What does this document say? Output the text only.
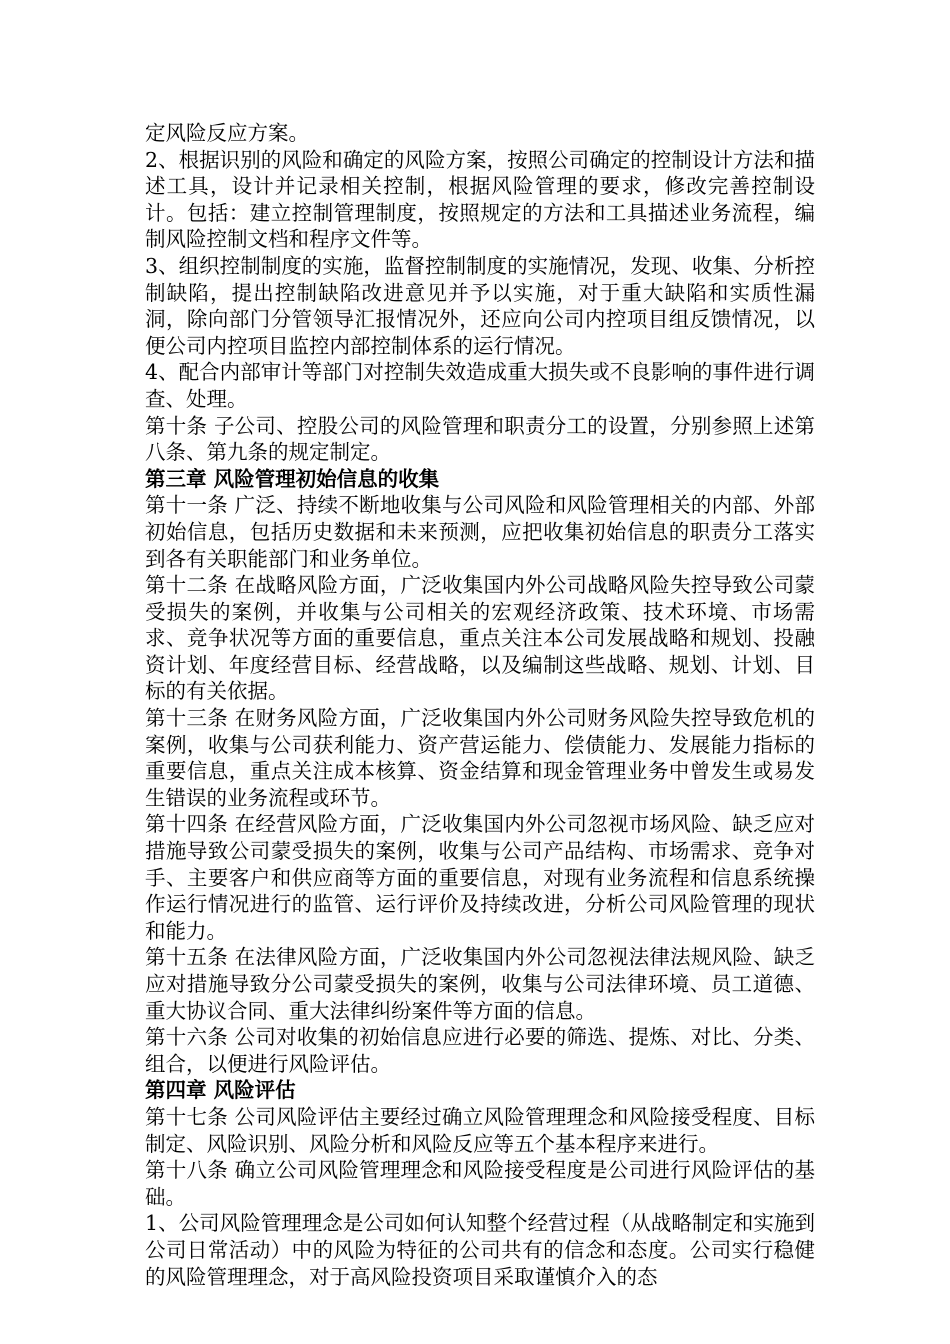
定风险反应方案。

2、根据识别的风险和确定的风险方案，按照公司确定的控制设计方法和描述工具，设计并记录相关控制，根据风险管理的要求，修改完善控制设计。包括：建立控制管理制度，按照规定的方法和工具描述业务流程，编制风险控制文档和程序文件等。

3、组织控制制度的实施，监督控制制度的实施情况，发现、收集、分析控制缺陷，提出控制缺陷改进意见并予以实施，对于重大缺陷和实质性漏洞，除向部门分管领导汇报情况外，还应向公司内控项目组反馈情况，以便公司内控项目监控内部控制体系的运行情况。

4、配合内部审计等部门对控制失效造成重大损失或不良影响的事件进行调查、处理。

第十条 子公司、控股公司的风险管理和职责分工的设置，分别参照上述第八条、第九条的规定制定。

第三章 风险管理初始信息的收集

第十一条 广泛、持续不断地收集与公司风险和风险管理相关的内部、外部初始信息，包括历史数据和未来预测，应把收集初始信息的职责分工落实到各有关职能部门和业务单位。

第十二条 在战略风险方面，广泛收集国内外公司战略风险失控导致公司蒙受损失的案例，并收集与公司相关的宏观经济政策、技术环境、市场需求、竞争状况等方面的重要信息，重点关注本公司发展战略和规划、投融资计划、年度经营目标、经营战略，以及编制这些战略、规划、计划、目标的有关依据。

第十三条 在财务风险方面，广泛收集国内外公司财务风险失控导致危机的案例，收集与公司获利能力、资产营运能力、偿债能力、发展能力指标的重要信息，重点关注成本核算、资金结算和现金管理业务中曾发生或易发生错误的业务流程或环节。

第十四条 在经营风险方面，广泛收集国内外公司忽视市场风险、缺乏应对措施导致公司蒙受损失的案例，收集与公司产品结构、市场需求、竞争对手、主要客户和供应商等方面的重要信息，对现有业务流程和信息系统操作运行情况进行的监管、运行评价及持续改进，分析公司风险管理的现状和能力。

第十五条 在法律风险方面，广泛收集国内外公司忽视法律法规风险、缺乏应对措施导致分公司蒙受损失的案例，收集与公司法律环境、员工道德、重大协议合同、重大法律纠纷案件等方面的信息。

第十六条 公司对收集的初始信息应进行必要的筛选、提炼、对比、分类、组合，以便进行风险评估。

第四章 风险评估

第十七条 公司风险评估主要经过确立风险管理理念和风险接受程度、目标制定、风险识别、风险分析和风险反应等五个基本程序来进行。

第十八条 确立公司风险管理理念和风险接受程度是公司进行风险评估的基础。

1、公司风险管理理念是公司如何认知整个经营过程（从战略制定和实施到公司日常活动）中的风险为特征的公司共有的信念和态度。公司实行稳健的风险管理理念，对于高风险投资项目采取谨慎介入的态
